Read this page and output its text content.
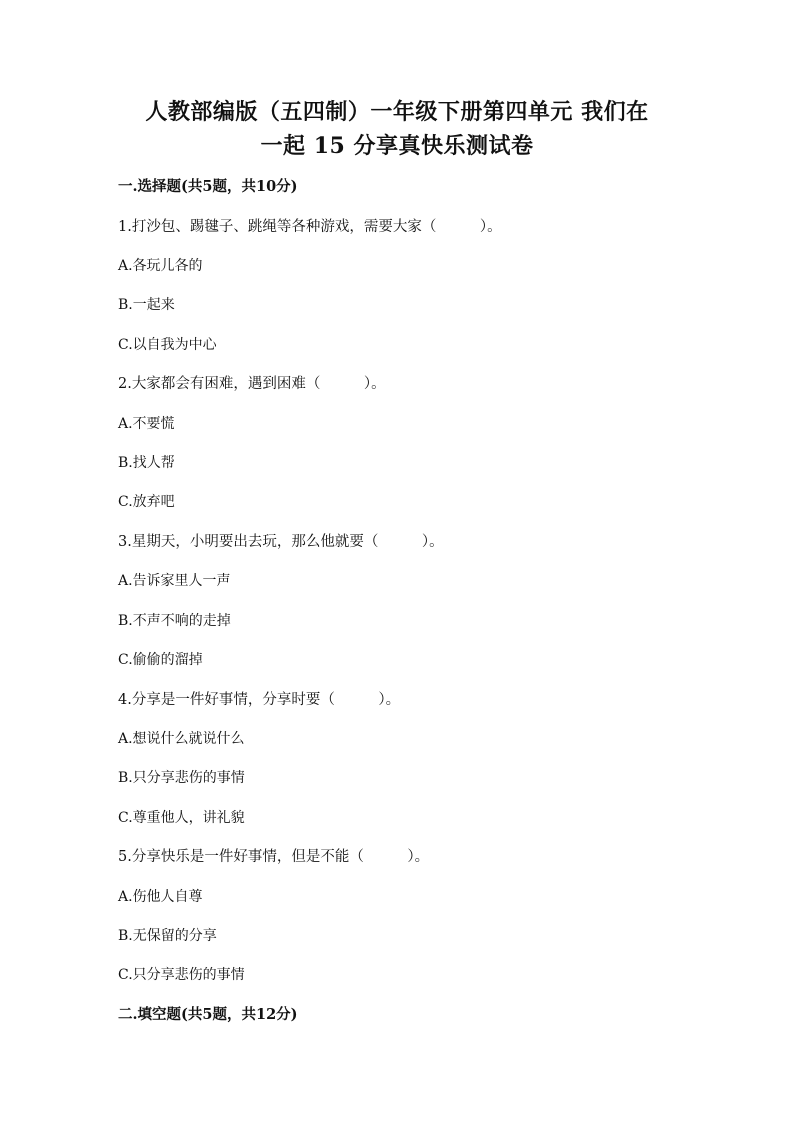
人教部编版（五四制）一年级下册第四单元 我们在
一起 15 分享真快乐测试卷
一.选择题(共5题，共10分)
1.打沙包、踢毽子、跳绳等各种游戏，需要大家（　　　）。
A.各玩儿各的
B.一起来
C.以自我为中心
2.大家都会有困难，遇到困难（　　　）。
A.不要慌
B.找人帮
C.放弃吧
3.星期天，小明要出去玩，那么他就要（　　　）。
A.告诉家里人一声
B.不声不响的走掉
C.偷偷的溜掉
4.分享是一件好事情，分享时要（　　　）。
A.想说什么就说什么
B.只分享悲伤的事情
C.尊重他人，讲礼貌
5.分享快乐是一件好事情，但是不能（　　　）。
A.伤他人自尊
B.无保留的分享
C.只分享悲伤的事情
二.填空题(共5题，共12分)
